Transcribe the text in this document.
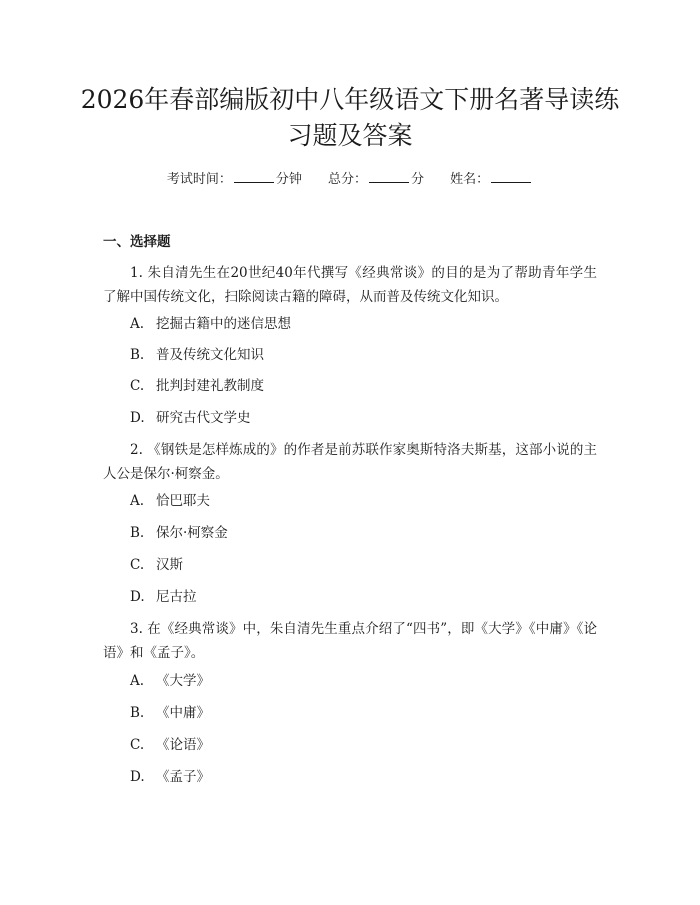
2026年春部编版初中八年级语文下册名著导读练习题及答案
考试时间：	分钟 总分：	分 姓名：
一、选择题

1. 朱自清先生在20世纪40年代撰写《经典常谈》的目的是为了帮助青年学生了解中国传统文化，扫除阅读古籍的障碍，从而普及传统文化知识。

A. 挖掘古籍中的迷信思想

B. 普及传统文化知识

C. 批判封建礼教制度

D. 研究古代文学史

2. 《钢铁是怎样炼成的》的作者是前苏联作家奥斯特洛夫斯基，这部小说的主人公是保尔·柯察金。

A. 恰巴耶夫

B. 保尔·柯察金

C. 汉斯

D. 尼古拉

3. 在《经典常谈》中，朱自清先生重点介绍了“四书”，即《大学》《中庸》《论语》和《孟子》。

A. 《大学》

B. 《中庸》

C. 《论语》

D. 《孟子》
